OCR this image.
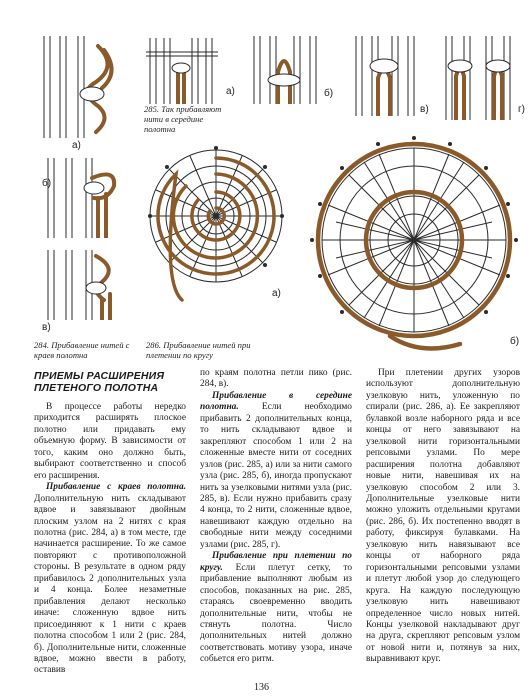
а)	б)
в)	г)
а)
б)
в)
а)
б)
284. Прибавление нитей с краев полотна
285. Так прибавляют нити в середине полотна
286. Прибавление нитей при плетении по кругу
ПРИЕМЫ РАСШИРЕНИЯ ПЛЕТЕНОГО ПОЛОТНА

В процессе работы нередко приходится расширять плоское полотно или придавать ему объемную форму. В зависимости от того, каким оно должно быть, выбирают соответственно и способ его расширения.

Прибавление с краев полотна. Дополнительную нить складывают вдвое и завязывают двойным плоским узлом на 2 нитях с края полотна (рис. 284, а) в том месте, где начинается расширение. То же самое повторяют с противоположной стороны. В результате в одном ряду прибавилось 2 дополнительных узла и 4 конца. Более незаметные прибавления делают несколько иначе: сложенную вдвое нить присоединяют к 1 нити с краев полотна способом 1 или 2 (рис. 284, б). Дополнительные нити, сложенные вдвое, можно ввести в работу, оставив

по краям полотна петли пико (рис. 284, в).

Прибавление в середине полотна. Если необходимо прибавить 2 дополнительных конца, то нить складывают вдвое и закрепляют способом 1 или 2 на сложенные вместе нити от соседних узлов (рис. 285, а) или за нити самого узла (рис. 285, б), иногда пропускают нить за узелковыми нитями узла (рис. 285, в). Если нужно прибавить сразу 4 конца, то 2 нити, сложенные вдвое, навешивают каждую отдельно на свободные нити между соседними узлами (рис. 285, г).

Прибавление при плетении по кругу. Если плетут сетку, то прибавление выполняют любым из способов, показанных на рис. 285, стараясь своевременно вводить дополнительные нити, чтобы не стянуть полотна. Число дополнительных нитей должно соответствовать мотиву узора, иначе собьется его ритм.

При плетении других узоров используют дополнительную узелковую нить, уложенную по спирали (рис. 286, а). Ее закрепляют булавкой возле наборного ряда и все концы от него завязывают на узелковой нити горизонтальными репсовыми узлами. По мере расширения полотна добавляют новые нити, навешивая их на узелковую способом 2 или 3. Дополнительные узелковые нити можно уложить отдельными кругами (рис. 286, б). Их постепенно вводят в работу, фиксируя булавками. На узелковую нить навязывают все концы от наборного ряда горизонтальными репсовыми узлами и плетут любой узор до следующего круга. На каждую последующую узелковую нить навешивают определенное число новых нитей. Концы узелковой накладывают друг на друга, скрепляют репсовым узлом от новой нити и, потянув за них, выравнивают круг.

136
